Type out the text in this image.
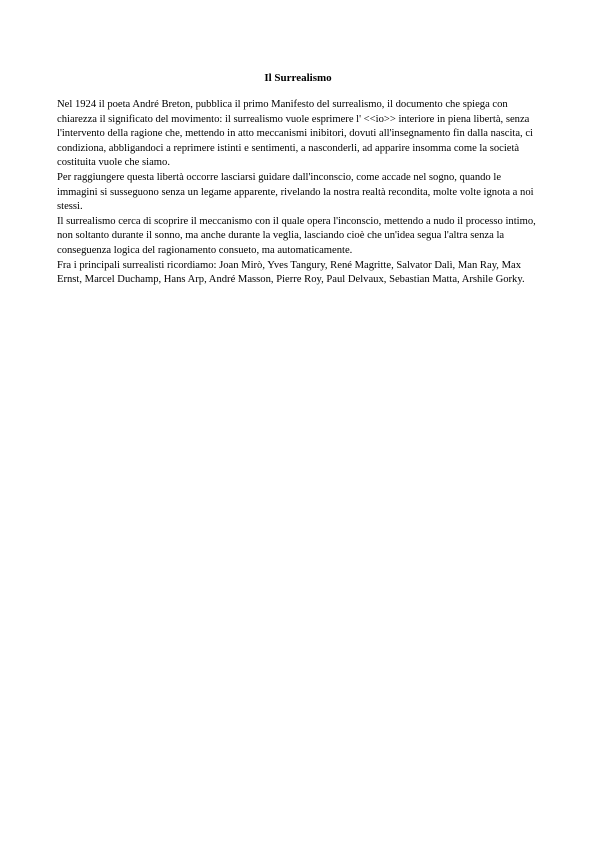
Il Surrealismo

Nel 1924 il poeta André Breton, pubblica il primo Manifesto del surrealismo, il documento che spiega con chiarezza il significato del movimento: il surrealismo vuole esprimere l' <<io>> interiore in piena libertà, senza l'intervento della ragione che, mettendo in atto meccanismi inibitori, dovuti all'insegnamento fin dalla nascita, ci condiziona, abbligandoci a reprimere istinti e sentimenti, a nasconderli, ad apparire insomma come la società costituita vuole che siamo.

Per raggiungere questa libertà occorre lasciarsi guidare dall'inconscio, come accade nel sogno, quando le immagini si susseguono senza un legame apparente, rivelando la nostra realtà recondita, molte volte ignota a noi stessi.

Il surrealismo cerca di scoprire il meccanismo con il quale opera l'inconscio, mettendo a nudo il processo intimo, non soltanto durante il sonno, ma anche durante la veglia, lasciando cioè che un'idea segua l'altra senza la conseguenza logica del ragionamento consueto, ma automaticamente.

Fra i principali surrealisti ricordiamo: Joan Mirò, Yves Tangury, René Magritte, Salvator Dalì, Man Ray, Max Ernst, Marcel Duchamp, Hans Arp, André Masson, Pierre Roy, Paul Delvaux, Sebastian Matta, Arshile Gorky.
